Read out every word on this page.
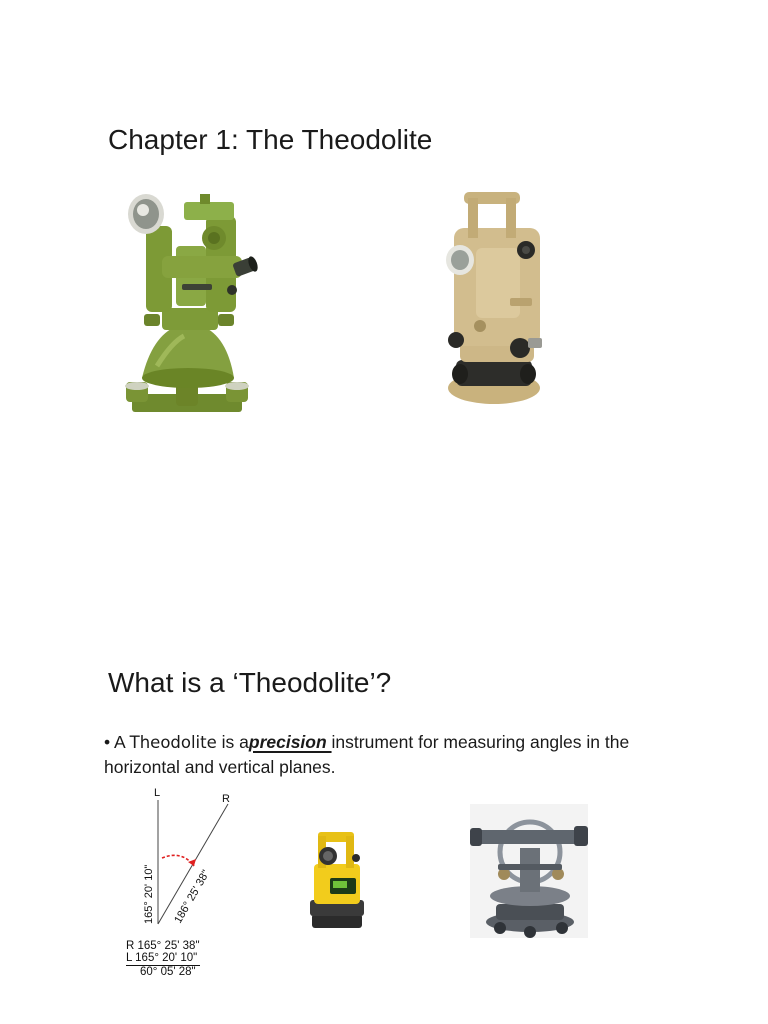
Chapter 1: The Theodolite
What is a ‘Theodolite’?
• A Theodolite is aprecision instrument for measuring angles in the horizontal and vertical planes.
L	R
165° 20' 10" 186° 25' 38"
R 165° 25' 38"
L 165° 20' 10"
60° 05' 28"
